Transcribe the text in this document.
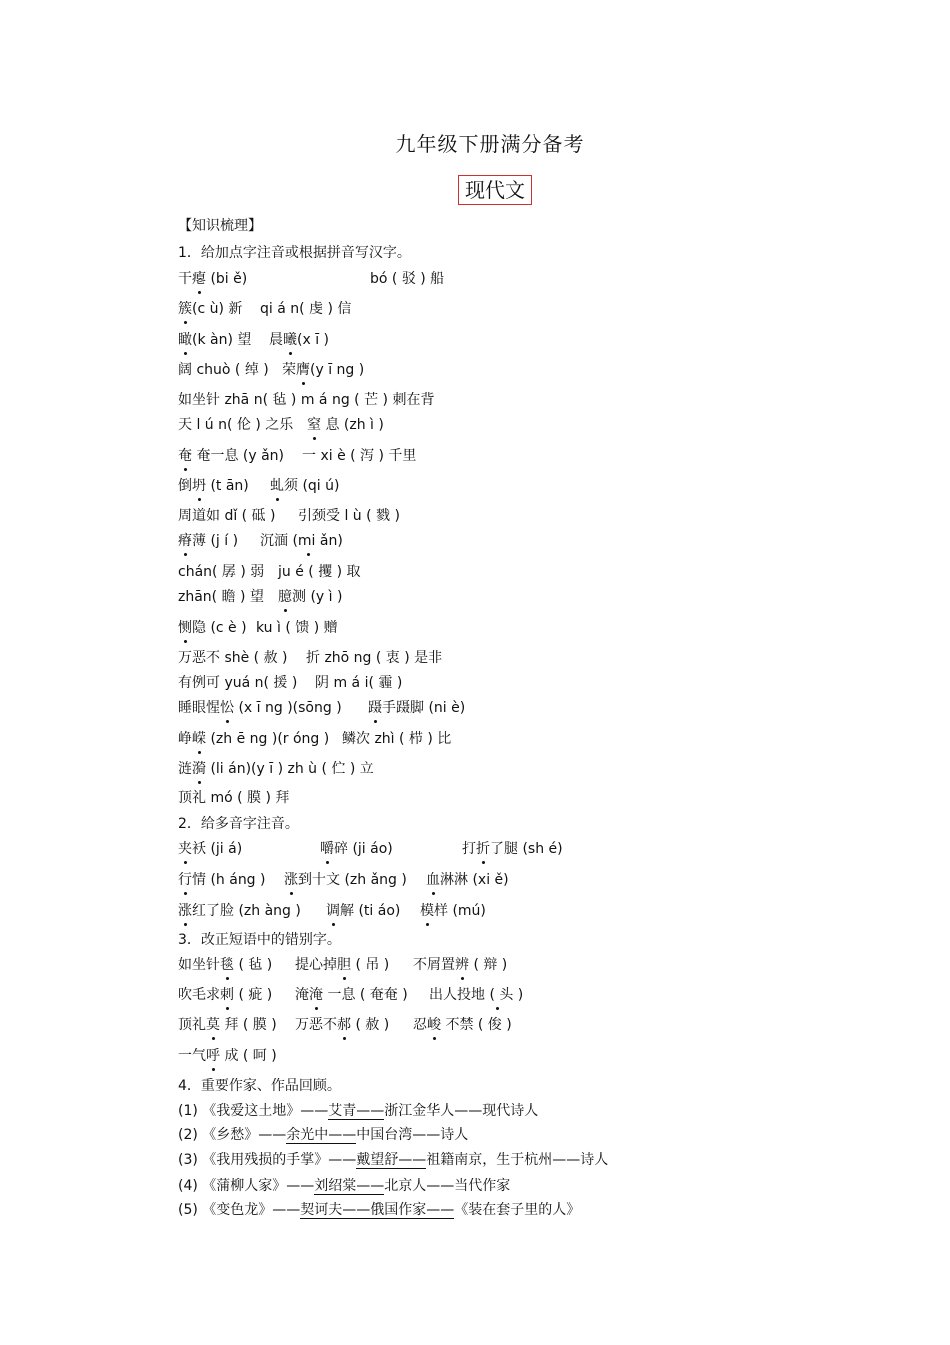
九年级下册满分备考
现代文
【知识梳理】
1．给加点字注音或根据拼音写汉字。
干瘪 (bi ě)	bó ( 驳 ) 船
簇(c ù) 新 qi á n( 虔 ) 信
瞰(k àn) 望 晨曦(x ī )
阔 chuò ( 绰 ) 荣膺(y ī ng )
如坐针 zhā n( 毡 ) m á ng ( 芒 ) 刺在背
天 l ú n( 伦 ) 之乐 窒 息 (zh ì )
奄 奄一息 (y ǎn) 一 xi è ( 泻 ) 千里
倒坍 (t ān) 虬须 (qi ú)
周道如 dǐ ( 砥 ) 引颈受 l ù ( 戮 )
瘠薄 (j í ) 沉湎 (mi ǎn)
chán( 孱 ) 弱 ju é ( 攫 ) 取
zhān( 瞻 ) 望 臆测 (y ì )
恻隐 (c è ) ku ì ( 馈 ) 赠
万恶不 shè ( 赦 ) 折 zhō ng ( 衷 ) 是非
有例可 yuá n( 援 ) 阴 m á i( 霾 )
睡眼惺忪 (x ī ng )(sōng ) 蹑手蹑脚 (ni è)
峥嵘 (zh ē ng )(r óng ) 鳞次 zhì ( 栉 ) 比
涟漪 (li án)(y ī ) zh ù ( 伫 ) 立
顶礼 mó ( 膜 ) 拜
2．给多音字注音。
夹袄 (ji á)	嚼碎 (ji áo)	打折了腿 (sh é)
行情 (h áng ) 涨到十文 (zh ǎng ) 血淋淋 (xi ě)
涨红了脸 (zh àng ) 调解 (ti áo) 模样 (mú)
3．改正短语中的错别字。
如坐针毯 ( 毡 ) 提心掉胆 ( 吊 ) 不屑置辨 ( 辩 )
吹毛求刺 ( 疵 ) 淹淹 一息 ( 奄奄 ) 出人投地 ( 头 )
顶礼莫 拜 ( 膜 ) 万恶不郝 ( 赦 ) 忍峻 不禁 ( 俊 )
一气呼 成 ( 呵 )
4．重要作家、作品回顾。
(1) 《我爱这土地》——艾青——浙江金华人——现代诗人
(2) 《乡愁》——余光中——中国台湾——诗人
(3) 《我用残损的手掌》——戴望舒——祖籍南京，生于杭州——诗人
(4) 《蒲柳人家》——刘绍棠——北京人——当代作家
(5) 《变色龙》——契诃夫——俄国作家——《装在套子里的人》
